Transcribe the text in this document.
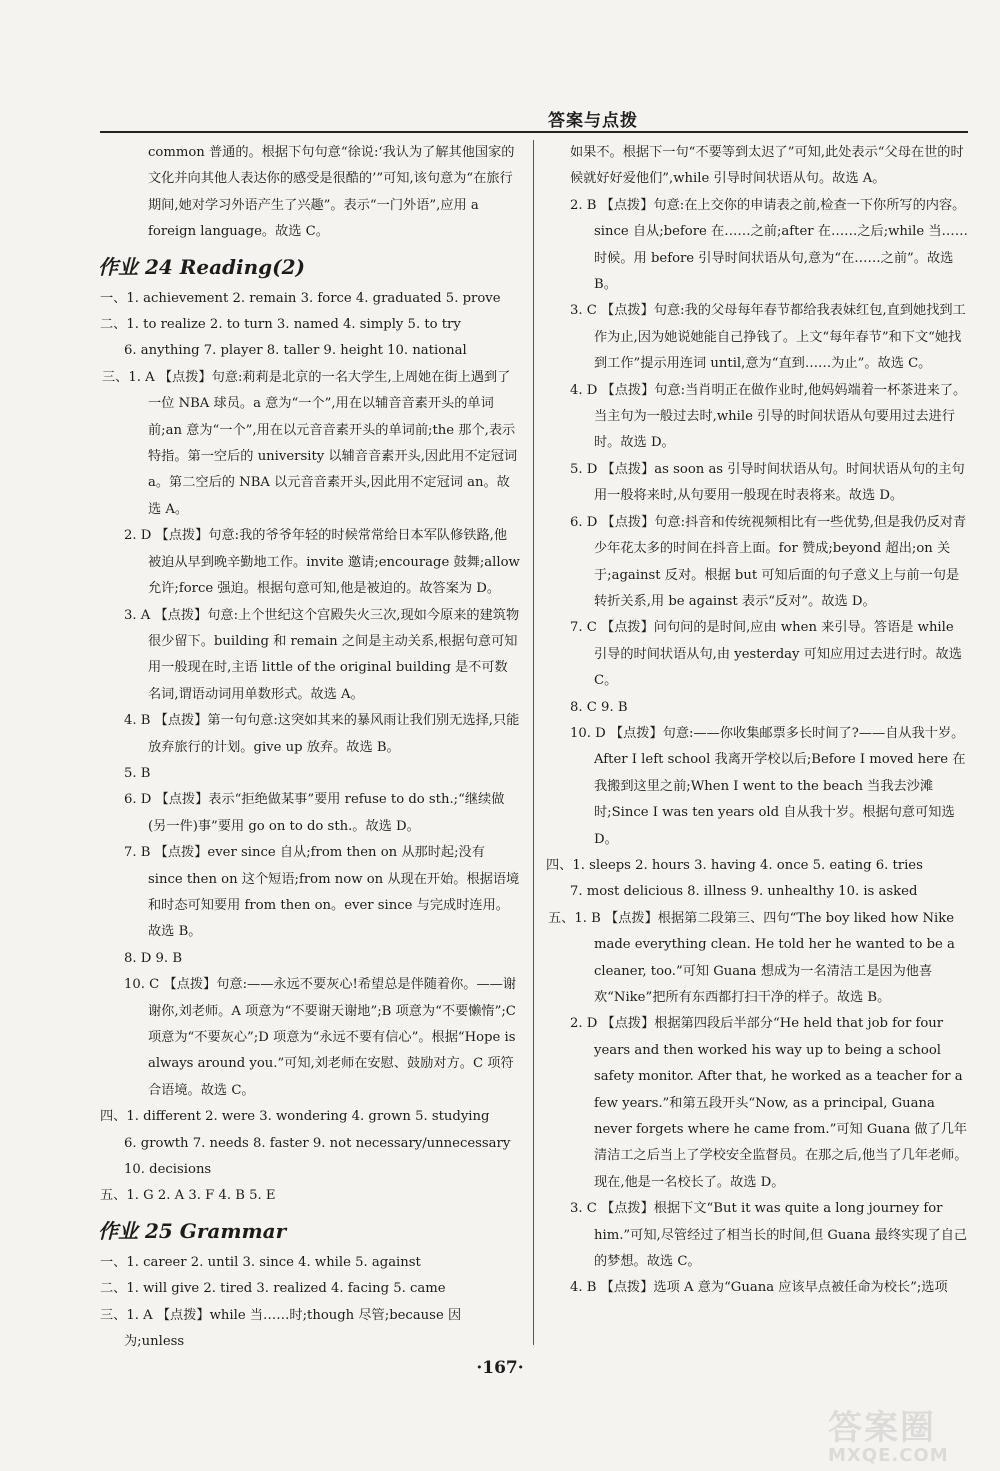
答案与点拨

common 普通的。根据下句句意“徐说:‘我认为了解其他国家的文化并向其他人表达你的感受是很酷的’”可知,该句意为“在旅行期间,她对学习外语产生了兴趣”。表示“一门外语”,应用 a foreign language。故选 C。

作业 24 Reading(2)

一、1. achievement 2. remain 3. force 4. graduated 5. prove

二、1. to realize 2. to turn 3. named 4. simply 5. to try

6. anything 7. player 8. taller 9. height 10. national

三、1. A 【点拨】句意:莉莉是北京的一名大学生,上周她在街上遇到了一位 NBA 球员。a 意为“一个”,用在以辅音音素开头的单词前;an 意为“一个”,用在以元音音素开头的单词前;the 那个,表示特指。第一空后的 university 以辅音音素开头,因此用不定冠词 a。第二空后的 NBA 以元音音素开头,因此用不定冠词 an。故选 A。

2. D 【点拨】句意:我的爷爷年轻的时候常常给日本军队修铁路,他被迫从早到晚辛勤地工作。invite 邀请;encourage 鼓舞;allow 允许;force 强迫。根据句意可知,他是被迫的。故答案为 D。

3. A 【点拨】句意:上个世纪这个宫殿失火三次,现如今原来的建筑物很少留下。building 和 remain 之间是主动关系,根据句意可知用一般现在时,主语 little of the original building 是不可数名词,谓语动词用单数形式。故选 A。

4. B 【点拨】第一句句意:这突如其来的暴风雨让我们别无选择,只能放弃旅行的计划。give up 放弃。故选 B。

5. B

6. D 【点拨】表示“拒绝做某事”要用 refuse to do sth.;“继续做(另一件)事”要用 go on to do sth.。故选 D。

7. B 【点拨】ever since 自从;from then on 从那时起;没有 since then on 这个短语;from now on 从现在开始。根据语境和时态可知要用 from then on。ever since 与完成时连用。故选 B。

8. D 9. B

10. C 【点拨】句意:——永远不要灰心!希望总是伴随着你。——谢谢你,刘老师。A 项意为“不要谢天谢地”;B 项意为“不要懒惰”;C 项意为“不要灰心”;D 项意为“永远不要有信心”。根据“Hope is always around you.”可知,刘老师在安慰、鼓励对方。C 项符合语境。故选 C。

四、1. different 2. were 3. wondering 4. grown 5. studying

6. growth 7. needs 8. faster 9. not necessary/unnecessary

10. decisions

五、1. G 2. A 3. F 4. B 5. E

作业 25 Grammar

一、1. career 2. until 3. since 4. while 5. against

二、1. will give 2. tired 3. realized 4. facing 5. came

三、1. A 【点拨】while 当……时;though 尽管;because 因为;unless

如果不。根据下一句“不要等到太迟了”可知,此处表示“父母在世的时候就好好爱他们”,while 引导时间状语从句。故选 A。

2. B 【点拨】句意:在上交你的申请表之前,检查一下你所写的内容。since 自从;before 在……之前;after 在……之后;while 当……时候。用 before 引导时间状语从句,意为“在……之前”。故选 B。

3. C 【点拨】句意:我的父母每年春节都给我表妹红包,直到她找到工作为止,因为她说她能自己挣钱了。上文“每年春节”和下文“她找到工作”提示用连词 until,意为“直到……为止”。故选 C。

4. D 【点拨】句意:当肖明正在做作业时,他妈妈端着一杯茶进来了。当主句为一般过去时,while 引导的时间状语从句要用过去进行时。故选 D。

5. D 【点拨】as soon as 引导时间状语从句。时间状语从句的主句用一般将来时,从句要用一般现在时表将来。故选 D。

6. D 【点拨】句意:抖音和传统视频相比有一些优势,但是我仍反对青少年花太多的时间在抖音上面。for 赞成;beyond 超出;on 关于;against 反对。根据 but 可知后面的句子意义上与前一句是转折关系,用 be against 表示“反对”。故选 D。

7. C 【点拨】问句问的是时间,应由 when 来引导。答语是 while 引导的时间状语从句,由 yesterday 可知应用过去进行时。故选 C。

8. C 9. B

10. D 【点拨】句意:——你收集邮票多长时间了?——自从我十岁。After I left school 我离开学校以后;Before I moved here 在我搬到这里之前;When I went to the beach 当我去沙滩时;Since I was ten years old 自从我十岁。根据句意可知选 D。

四、1. sleeps 2. hours 3. having 4. once 5. eating 6. tries

7. most delicious 8. illness 9. unhealthy 10. is asked

五、1. B 【点拨】根据第二段第三、四句“The boy liked how Nike made everything clean. He told her he wanted to be a cleaner, too.”可知 Guana 想成为一名清洁工是因为他喜欢“Nike”把所有东西都打扫干净的样子。故选 B。

2. D 【点拨】根据第四段后半部分“He held that job for four years and then worked his way up to being a school safety monitor. After that, he worked as a teacher for a few years.”和第五段开头“Now, as a principal, Guana never forgets where he came from.”可知 Guana 做了几年清洁工之后当上了学校安全监督员。在那之后,他当了几年老师。现在,他是一名校长了。故选 D。

3. C 【点拨】根据下文“But it was quite a long journey for him.”可知,尽管经过了相当长的时间,但 Guana 最终实现了自己的梦想。故选 C。

4. B 【点拨】选项 A 意为“Guana 应该早点被任命为校长”;选项

·167·
答案圈
MXQE.COM
